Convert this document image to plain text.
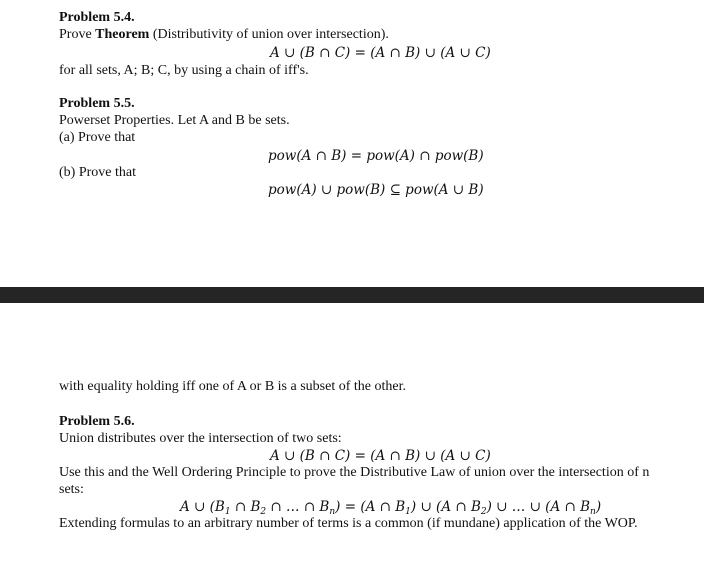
Problem 5.4.
Prove Theorem (Distributivity of union over intersection).
A ∪ (B ∩ C) = (A ∩ B) ∪ (A ∪ C)
for all sets, A; B; C, by using a chain of iff's.
Problem 5.5.
Powerset Properties. Let A and B be sets.
(a) Prove that
pow(A ∩ B) = pow(A) ∩ pow(B)
(b) Prove that
pow(A) ∪ pow(B) ⊆ pow(A ∪ B)
with equality holding iff one of A or B is a subset of the other.
Problem 5.6.
Union distributes over the intersection of two sets:
A ∪ (B ∩ C) = (A ∩ B) ∪ (A ∪ C)
Use this and the Well Ordering Principle to prove the Distributive Law of union over the intersection of n
sets:
A ∪ ($B_1$ ∩ $B_2$ ∩ … ∩ $B_n) = (A$ ∩ $B_1$) ∪ (A ∩ $B_2$) ∪ … ∪ (A ∩ $B_n$)
Extending formulas to an arbitrary number of terms is a common (if mundane) application of the WOP.
